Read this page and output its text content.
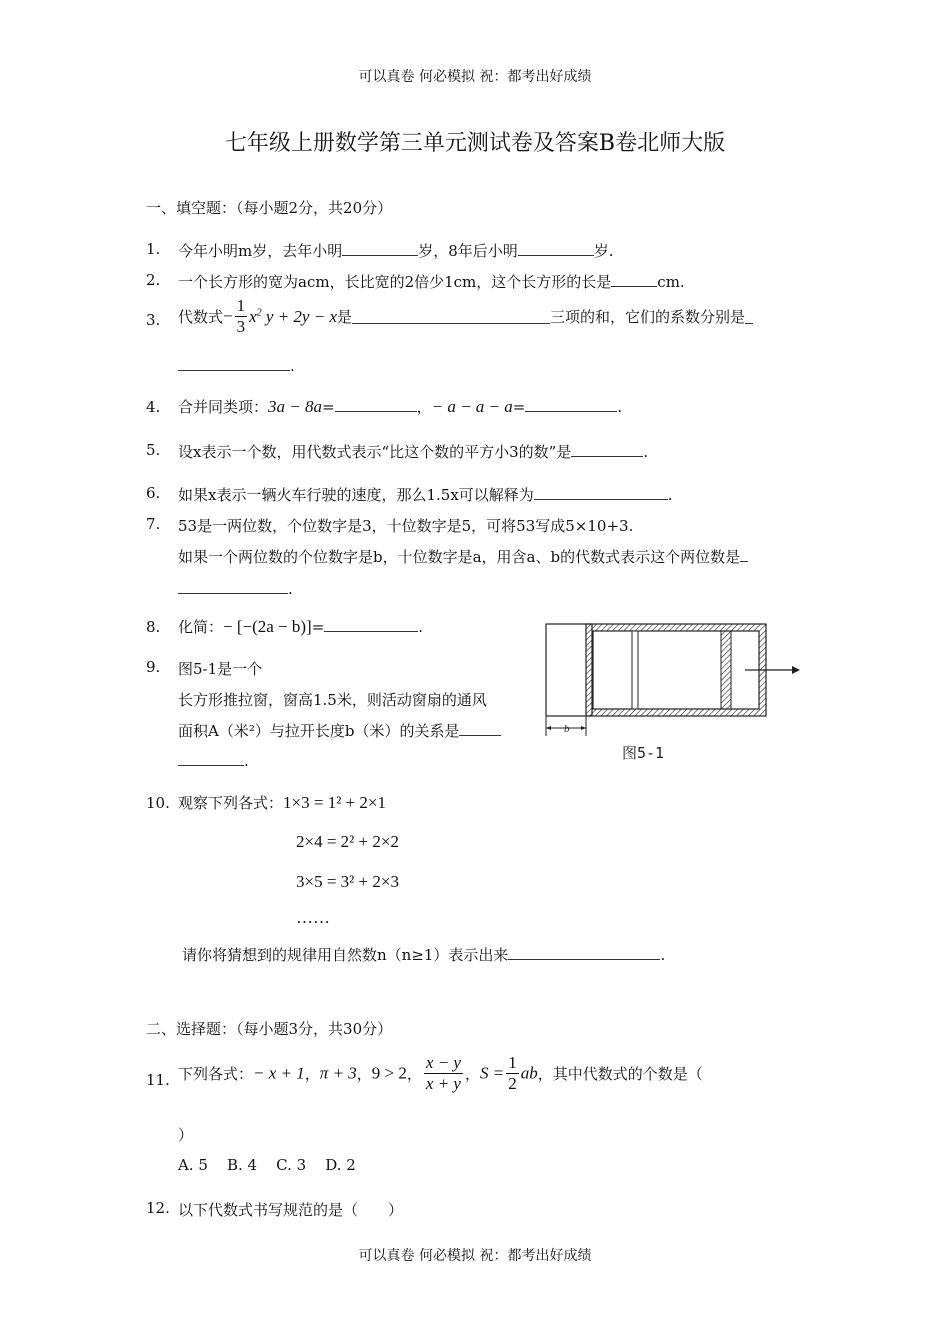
可以真卷 何必模拟 祝：都考出好成绩
七年级上册数学第三单元测试卷及答案B卷北师大版
一、填空题：（每小题2分，共20分）
1. 今年小明m岁，去年小明	岁，8年后小明	岁.
2. 一个长方形的宽为acm，长比宽的2倍少1cm，这个长方形的长是	cm.
3. 代数式− $\frac{1}{3} x^2$ y + 2y − x是	三项的和，它们的系数分别是
.
4. 合并同类项：3a − 8a=	，− a − a − a=	.
5. 设x表示一个数，用代数式表示“比这个数的平方小3的数”是	.
6. 如果x表示一辆火车行驶的速度，那么1.5x可以解释为	.
7. 53是一两位数，个位数字是3，十位数字是5，可将53写成5×10+3.
如果一个两位数的个位数字是b，十位数字是a，用含a、b的代数式表示这个两位数是
.
8. 化简：− [−(2a − b)]=	.
9. 图5-1是一个
长方形推拉窗，窗高1.5米，则活动窗扇的通风
面积A（米²）与拉开长度b（米）的关系是
.
b
图5-1
10. 观察下列各式：1×3 = 1² + 2×1
2×4 = 2² + 2×2
3×5 = 3² + 2×3
……
请你将猜想到的规律用自然数n（n≥1）表示出来	.
二、选择题：（每小题3分，共30分）
11. 下列各式：− x + 1，π + 3，9 > 2， $\frac{x - y}{x + y}$ ，$S = \frac{1}{2}$ ab，其中代数式的个数是（
）
A. 5    B. 4    C. 3    D. 2
12. 以下代数式书写规范的是（　　）
可以真卷 何必模拟 祝：都考出好成绩
